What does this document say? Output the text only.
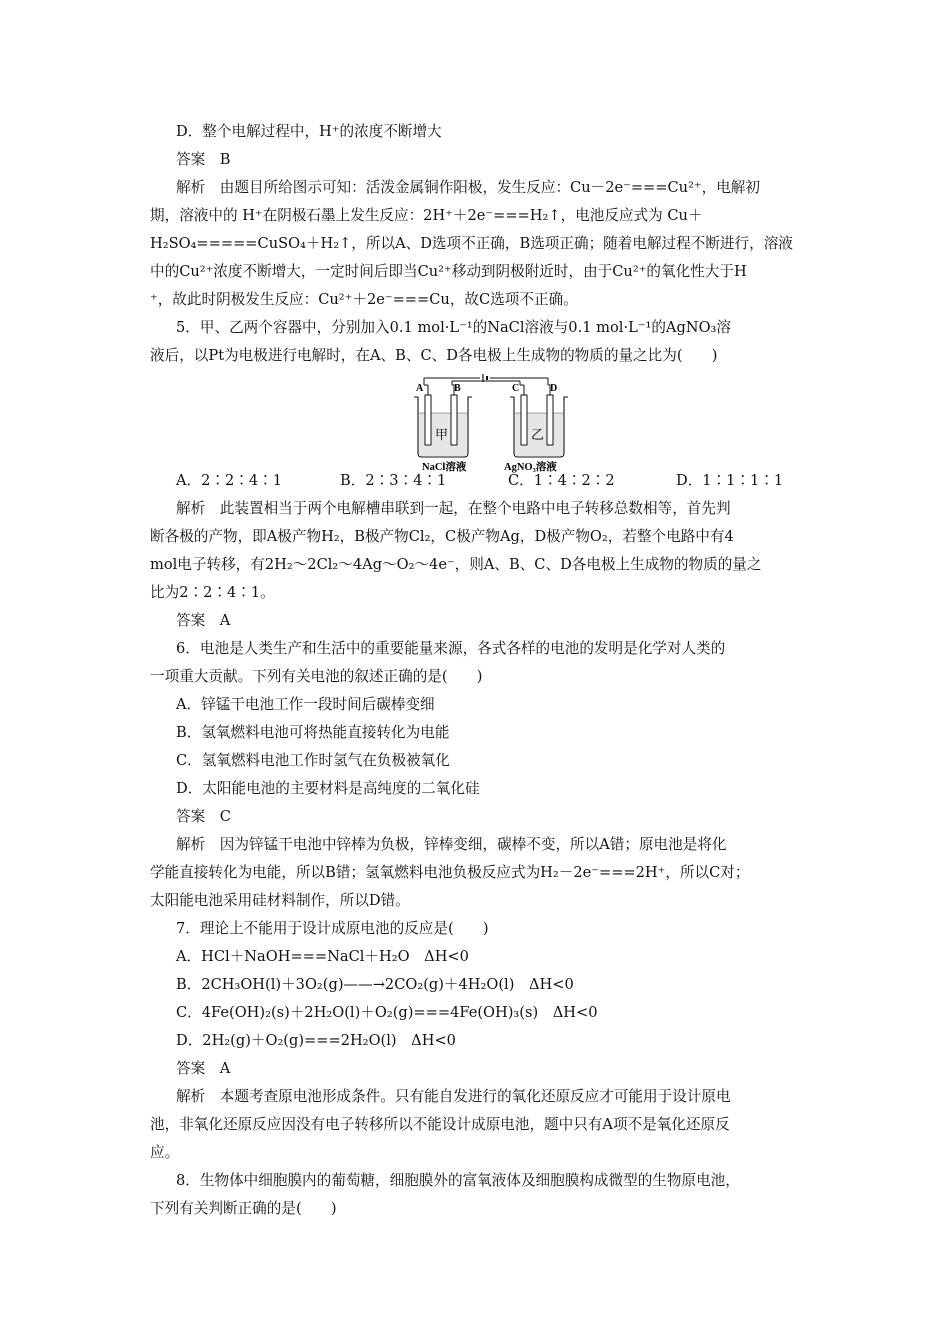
D．整个电解过程中，H⁺的浓度不断增大
答案　B
解析　由题目所给图示可知：活泼金属铜作阳极，发生反应：Cu－2e⁻===Cu²⁺，电解初
期，溶液中的 H⁺在阴极石墨上发生反应：2H⁺＋2e⁻===H₂↑，电池反应式为 Cu＋
H₂SO₄=====CuSO₄＋H₂↑，所以A、D选项不正确，B选项正确；随着电解过程不断进行，溶液
中的Cu²⁺浓度不断增大，一定时间后即当Cu²⁺移动到阴极附近时，由于Cu²⁺的氧化性大于H
⁺，故此时阴极发生反应：Cu²⁺＋2e⁻===Cu，故C选项不正确。
5．甲、乙两个容器中，分别加入0.1 mol·L⁻¹的NaCl溶液与0.1 mol·L⁻¹的AgNO₃溶
液后，以Pt为电极进行电解时，在A、B、C、D各电极上生成物的物质的量之比为(　　)
A	B	C	D
甲	乙
NaCl溶液	AgNO₃溶液
A．2∶2∶4∶1	B．2∶3∶4∶1	C．1∶4∶2∶2	D．1∶1∶1∶1
解析　此装置相当于两个电解槽串联到一起，在整个电路中电子转移总数相等，首先判
断各极的产物，即A极产物H₂，B极产物Cl₂，C极产物Ag，D极产物O₂，若整个电路中有4
mol电子转移，有2H₂～2Cl₂～4Ag～O₂～4e⁻，则A、B、C、D各电极上生成物的物质的量之
比为2∶2∶4∶1。
答案　A
6．电池是人类生产和生活中的重要能量来源，各式各样的电池的发明是化学对人类的
一项重大贡献。下列有关电池的叙述正确的是(　　)
A．锌锰干电池工作一段时间后碳棒变细
B．氢氧燃料电池可将热能直接转化为电能
C．氢氧燃料电池工作时氢气在负极被氧化
D．太阳能电池的主要材料是高纯度的二氧化硅
答案　C
解析　因为锌锰干电池中锌棒为负极，锌棒变细，碳棒不变，所以A错；原电池是将化
学能直接转化为电能，所以B错；氢氧燃料电池负极反应式为H₂－2e⁻===2H⁺，所以C对；
太阳能电池采用硅材料制作，所以D错。
7．理论上不能用于设计成原电池的反应是(　　)
A．HCl＋NaOH===NaCl＋H₂O　ΔH<0
B．2CH₃OH(l)＋3O₂(g)——→2CO₂(g)＋4H₂O(l)　ΔH<0
C．4Fe(OH)₂(s)＋2H₂O(l)＋O₂(g)===4Fe(OH)₃(s)　ΔH<0
D．2H₂(g)＋O₂(g)===2H₂O(l)　ΔH<0
答案　A
解析　本题考查原电池形成条件。只有能自发进行的氧化还原反应才可能用于设计原电
池，非氧化还原反应因没有电子转移所以不能设计成原电池，题中只有A项不是氧化还原反
应。
8．生物体中细胞膜内的葡萄糖，细胞膜外的富氧液体及细胞膜构成微型的生物原电池，
下列有关判断正确的是(　　)
